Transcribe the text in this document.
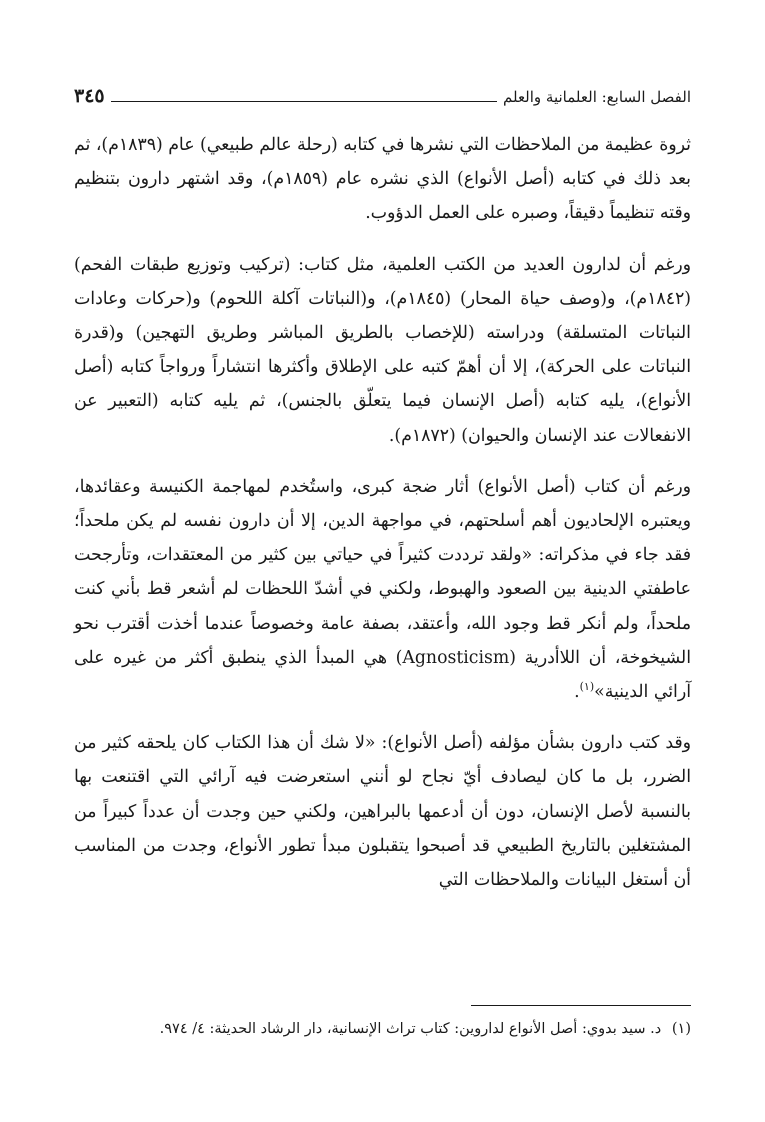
الفصل السابع: العلمانية والعلم
٣٤٥

ثروة عظيمة من الملاحظات التي نشرها في كتابه (رحلة عالم طبيعي) عام (١٨٣٩م)، ثم بعد ذلك في كتابه (أصل الأنواع) الذي نشره عام (١٨٥٩م)، وقد اشتهر دارون بتنظيم وقته تنظيماً دقيقاً، وصبره على العمل الدؤوب.

ورغم أن لدارون العديد من الكتب العلمية، مثل كتاب: (تركيب وتوزيع طبقات الفحم) (١٨٤٢م)، و(وصف حياة المحار) (١٨٤٥م)، و(النباتات آكلة اللحوم) و(حركات وعادات النباتات المتسلقة) ودراسته (للإخصاب بالطريق المباشر وطريق التهجين) و(قدرة النباتات على الحركة)، إلا أن أهمّ كتبه على الإطلاق وأكثرها انتشاراً ورواجاً كتابه (أصل الأنواع)، يليه كتابه (أصل الإنسان فيما يتعلّق بالجنس)، ثم يليه كتابه (التعبير عن الانفعالات عند الإنسان والحيوان) (١٨٧٢م).

ورغم أن كتاب (أصل الأنواع) أثار ضجة كبرى، واستُخدم لمهاجمة الكنيسة وعقائدها، ويعتبره الإلحاديون أهم أسلحتهم، في مواجهة الدين، إلا أن دارون نفسه لم يكن ملحداً؛ فقد جاء في مذكراته: «ولقد ترددت كثيراً في حياتي بين كثير من المعتقدات، وتأرجحت عاطفتي الدينية بين الصعود والهبوط، ولكني في أشدّ اللحظات لم أشعر قط بأني كنت ملحداً، ولم أنكر قط وجود الله، وأعتقد، بصفة عامة وخصوصاً عندما أخذت أقترب نحو الشيخوخة، أن اللاأدرية (Agnosticism) هي المبدأ الذي ينطبق أكثر من غيره على آرائي الدينية»$^{(١)}$.

وقد كتب دارون بشأن مؤلفه (أصل الأنواع): «لا شك أن هذا الكتاب كان يلحقه كثير من الضرر، بل ما كان ليصادف أيّ نجاح لو أنني استعرضت فيه آرائي التي اقتنعت بها بالنسبة لأصل الإنسان، دون أن أدعمها بالبراهين، ولكني حين وجدت أن عدداً كبيراً من المشتغلين بالتاريخ الطبيعي قد أصبحوا يتقبلون مبدأ تطور الأنواع، وجدت من المناسب أن أستغل البيانات والملاحظات التي

(١) د. سيد بدوي: أصل الأنواع لداروين: كتاب تراث الإنسانية، دار الرشاد الحديثة: ٤/ ٩٧٤.
